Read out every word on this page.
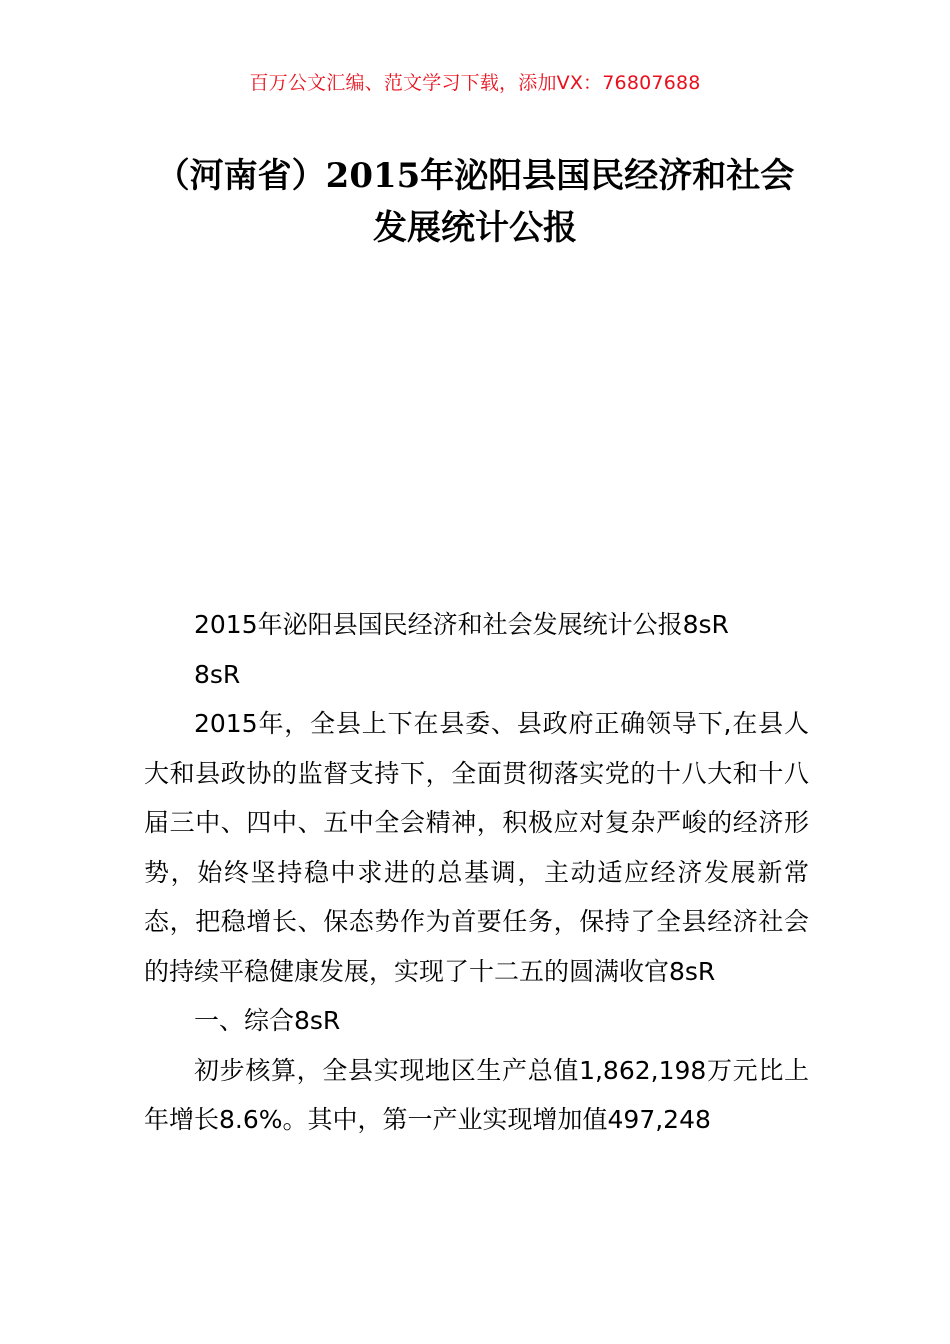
百万公文汇编、范文学习下载，添加VX：76807688
（河南省）2015年泌阳县国民经济和社会
发展统计公报

2015年泌阳县国民经济和社会发展统计公报8sR

8sR

2015年，全县上下在县委、县政府正确领导下,在县人大和县政协的监督支持下，全面贯彻落实党的十八大和十八届三中、四中、五中全会精神，积极应对复杂严峻的经济形势，始终坚持稳中求进的总基调，主动适应经济发展新常态，把稳增长、保态势作为首要任务，保持了全县经济社会的持续平稳健康发展，实现了十二五的圆满收官8sR

一、综合8sR

初步核算，全县实现地区生产总值1,862,198万元比上年增长8.6%。其中，第一产业实现增加值497,248
